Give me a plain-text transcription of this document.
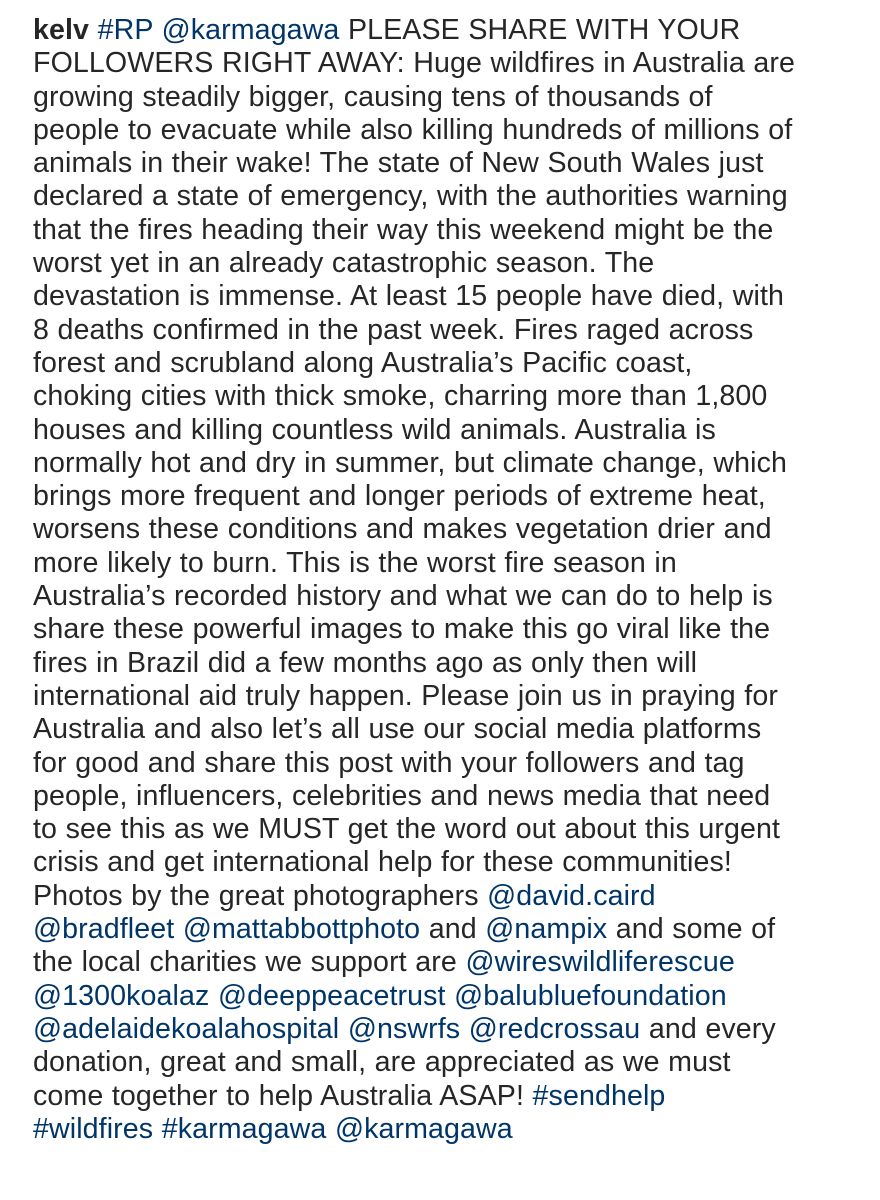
kelv #RP @karmagawa PLEASE SHARE WITH YOUR
FOLLOWERS RIGHT AWAY: Huge wildfires in Australia are
growing steadily bigger, causing tens of thousands of
people to evacuate while also killing hundreds of millions of
animals in their wake! The state of New South Wales just
declared a state of emergency, with the authorities warning
that the fires heading their way this weekend might be the
worst yet in an already catastrophic season. The
devastation is immense. At least 15 people have died, with
8 deaths confirmed in the past week. Fires raged across
forest and scrubland along Australia’s Pacific coast,
choking cities with thick smoke, charring more than 1,800
houses and killing countless wild animals. Australia is
normally hot and dry in summer, but climate change, which
brings more frequent and longer periods of extreme heat,
worsens these conditions and makes vegetation drier and
more likely to burn. This is the worst fire season in
Australia’s recorded history and what we can do to help is
share these powerful images to make this go viral like the
fires in Brazil did a few months ago as only then will
international aid truly happen. Please join us in praying for
Australia and also let’s all use our social media platforms
for good and share this post with your followers and tag
people, influencers, celebrities and news media that need
to see this as we MUST get the word out about this urgent
crisis and get international help for these communities!
Photos by the great photographers @david.caird
@bradfleet @mattabbottphoto and @nampix and some of
the local charities we support are @wireswildliferescue
@1300koalaz @deeppeacetrust @balubluefoundation
@adelaidekoalahospital @nswrfs @redcrossau and every
donation, great and small, are appreciated as we must
come together to help Australia ASAP! #sendhelp
#wildfires #karmagawa @karmagawa
